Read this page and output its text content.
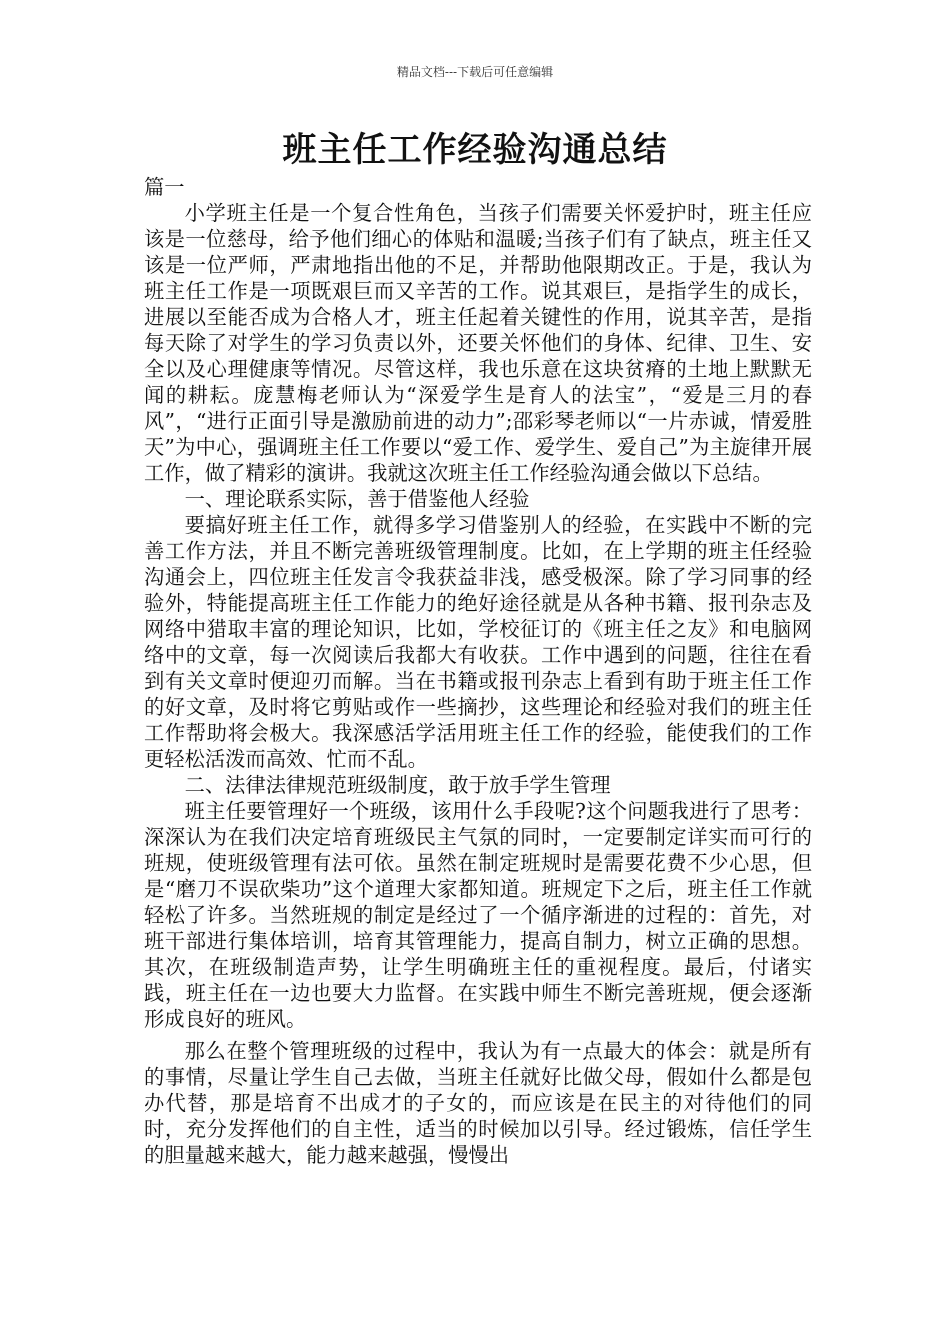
精品文档---下载后可任意编辑
班主任工作经验沟通总结

篇一

小学班主任是一个复合性角色，当孩子们需要关怀爱护时，班主任应该是一位慈母，给予他们细心的体贴和温暖;当孩子们有了缺点，班主任又该是一位严师，严肃地指出他的不足，并帮助他限期改正。于是，我认为班主任工作是一项既艰巨而又辛苦的工作。说其艰巨，是指学生的成长，进展以至能否成为合格人才，班主任起着关键性的作用，说其辛苦，是指每天除了对学生的学习负责以外，还要关怀他们的身体、纪律、卫生、安全以及心理健康等情况。尽管这样，我也乐意在这块贫瘠的土地上默默无闻的耕耘。庞慧梅老师认为“深爱学生是育人的法宝”，“爱是三月的春风”，“进行正面引导是激励前进的动力”;邵彩琴老师以“一片赤诚，情爱胜天”为中心，强调班主任工作要以“爱工作、爱学生、爱自己”为主旋律开展工作，做了精彩的演讲。我就这次班主任工作经验沟通会做以下总结。

一、理论联系实际，善于借鉴他人经验

要搞好班主任工作，就得多学习借鉴别人的经验，在实践中不断的完善工作方法，并且不断完善班级管理制度。比如，在上学期的班主任经验沟通会上，四位班主任发言令我获益非浅，感受极深。除了学习同事的经验外，特能提高班主任工作能力的绝好途径就是从各种书籍、报刊杂志及网络中猎取丰富的理论知识，比如，学校征订的《班主任之友》和电脑网络中的文章，每一次阅读后我都大有收获。工作中遇到的问题，往往在看到有关文章时便迎刃而解。当在书籍或报刊杂志上看到有助于班主任工作的好文章，及时将它剪贴或作一些摘抄，这些理论和经验对我们的班主任工作帮助将会极大。我深感活学活用班主任工作的经验，能使我们的工作更轻松活泼而高效、忙而不乱。

二、法律法律规范班级制度，敢于放手学生管理

班主任要管理好一个班级，该用什么手段呢?这个问题我进行了思考：深深认为在我们决定培育班级民主气氛的同时，一定要制定详实而可行的班规，使班级管理有法可依。虽然在制定班规时是需要花费不少心思，但是“磨刀不误砍柴功”这个道理大家都知道。班规定下之后，班主任工作就轻松了许多。当然班规的制定是经过了一个循序渐进的过程的：首先，对班干部进行集体培训，培育其管理能力，提高自制力，树立正确的思想。其次，在班级制造声势，让学生明确班主任的重视程度。最后，付诸实践，班主任在一边也要大力监督。在实践中师生不断完善班规，便会逐渐形成良好的班风。

那么在整个管理班级的过程中，我认为有一点最大的体会：就是所有的事情，尽量让学生自己去做，当班主任就好比做父母，假如什么都是包办代替，那是培育不出成才的子女的，而应该是在民主的对待他们的同时，充分发挥他们的自主性，适当的时候加以引导。经过锻炼，信任学生的胆量越来越大，能力越来越强，慢慢出
